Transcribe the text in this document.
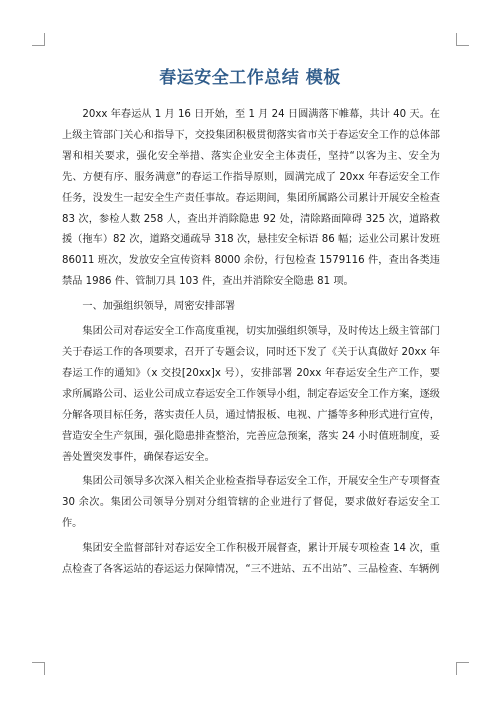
春运安全工作总结 模板

20xx 年春运从 1 月 16 日开始，至 1 月 24 日圆满落下帷幕，共计 40 天。在上级主管部门关心和指导下，交投集团积极贯彻落实省市关于春运安全工作的总体部署和相关要求，强化安全举措、落实企业安全主体责任，坚持“以客为主、安全为先、方便有序、服务满意”的春运工作指导原则，圆满完成了 20xx 年春运安全工作任务，没发生一起安全生产责任事故。春运期间，集团所属路公司累计开展安全检查 83 次，参检人数 258 人，查出并消除隐患 92 处，清除路面障碍 325 次，道路救援（拖车）82 次，道路交通疏导 318 次，悬挂安全标语 86 幅；运业公司累计发班 86011 班次，发放安全宣传资料 8000 余份，行包检查 1579116 件，查出各类违禁品 1986 件、管制刀具 103 件，查出并消除安全隐患 81 项。

一、加强组织领导，周密安排部署

集团公司对春运安全工作高度重视，切实加强组织领导，及时传达上级主管部门关于春运工作的各项要求，召开了专题会议，同时还下发了《关于认真做好 20xx 年春运工作的通知》（x 交投[20xx]x 号），安排部署 20xx 年春运安全生产工作，要求所属路公司、运业公司成立春运安全工作领导小组，制定春运安全工作方案，逐级分解各项目标任务，落实责任人员，通过情报板、电视、广播等多种形式进行宣传，营造安全生产氛围，强化隐患排查整治，完善应急预案，落实 24 小时值班制度，妥善处置突发事件，确保春运安全。

集团公司领导多次深入相关企业检查指导春运安全工作，开展安全生产专项督查 30 余次。集团公司领导分别对分组管辖的企业进行了督促，要求做好春运安全工作。

集团安全监督部针对春运安全工作积极开展督查，累计开展专项检查 14 次，重点检查了各客运站的春运运力保障情况，“三不进站、五不出站”、三品检查、车辆例
